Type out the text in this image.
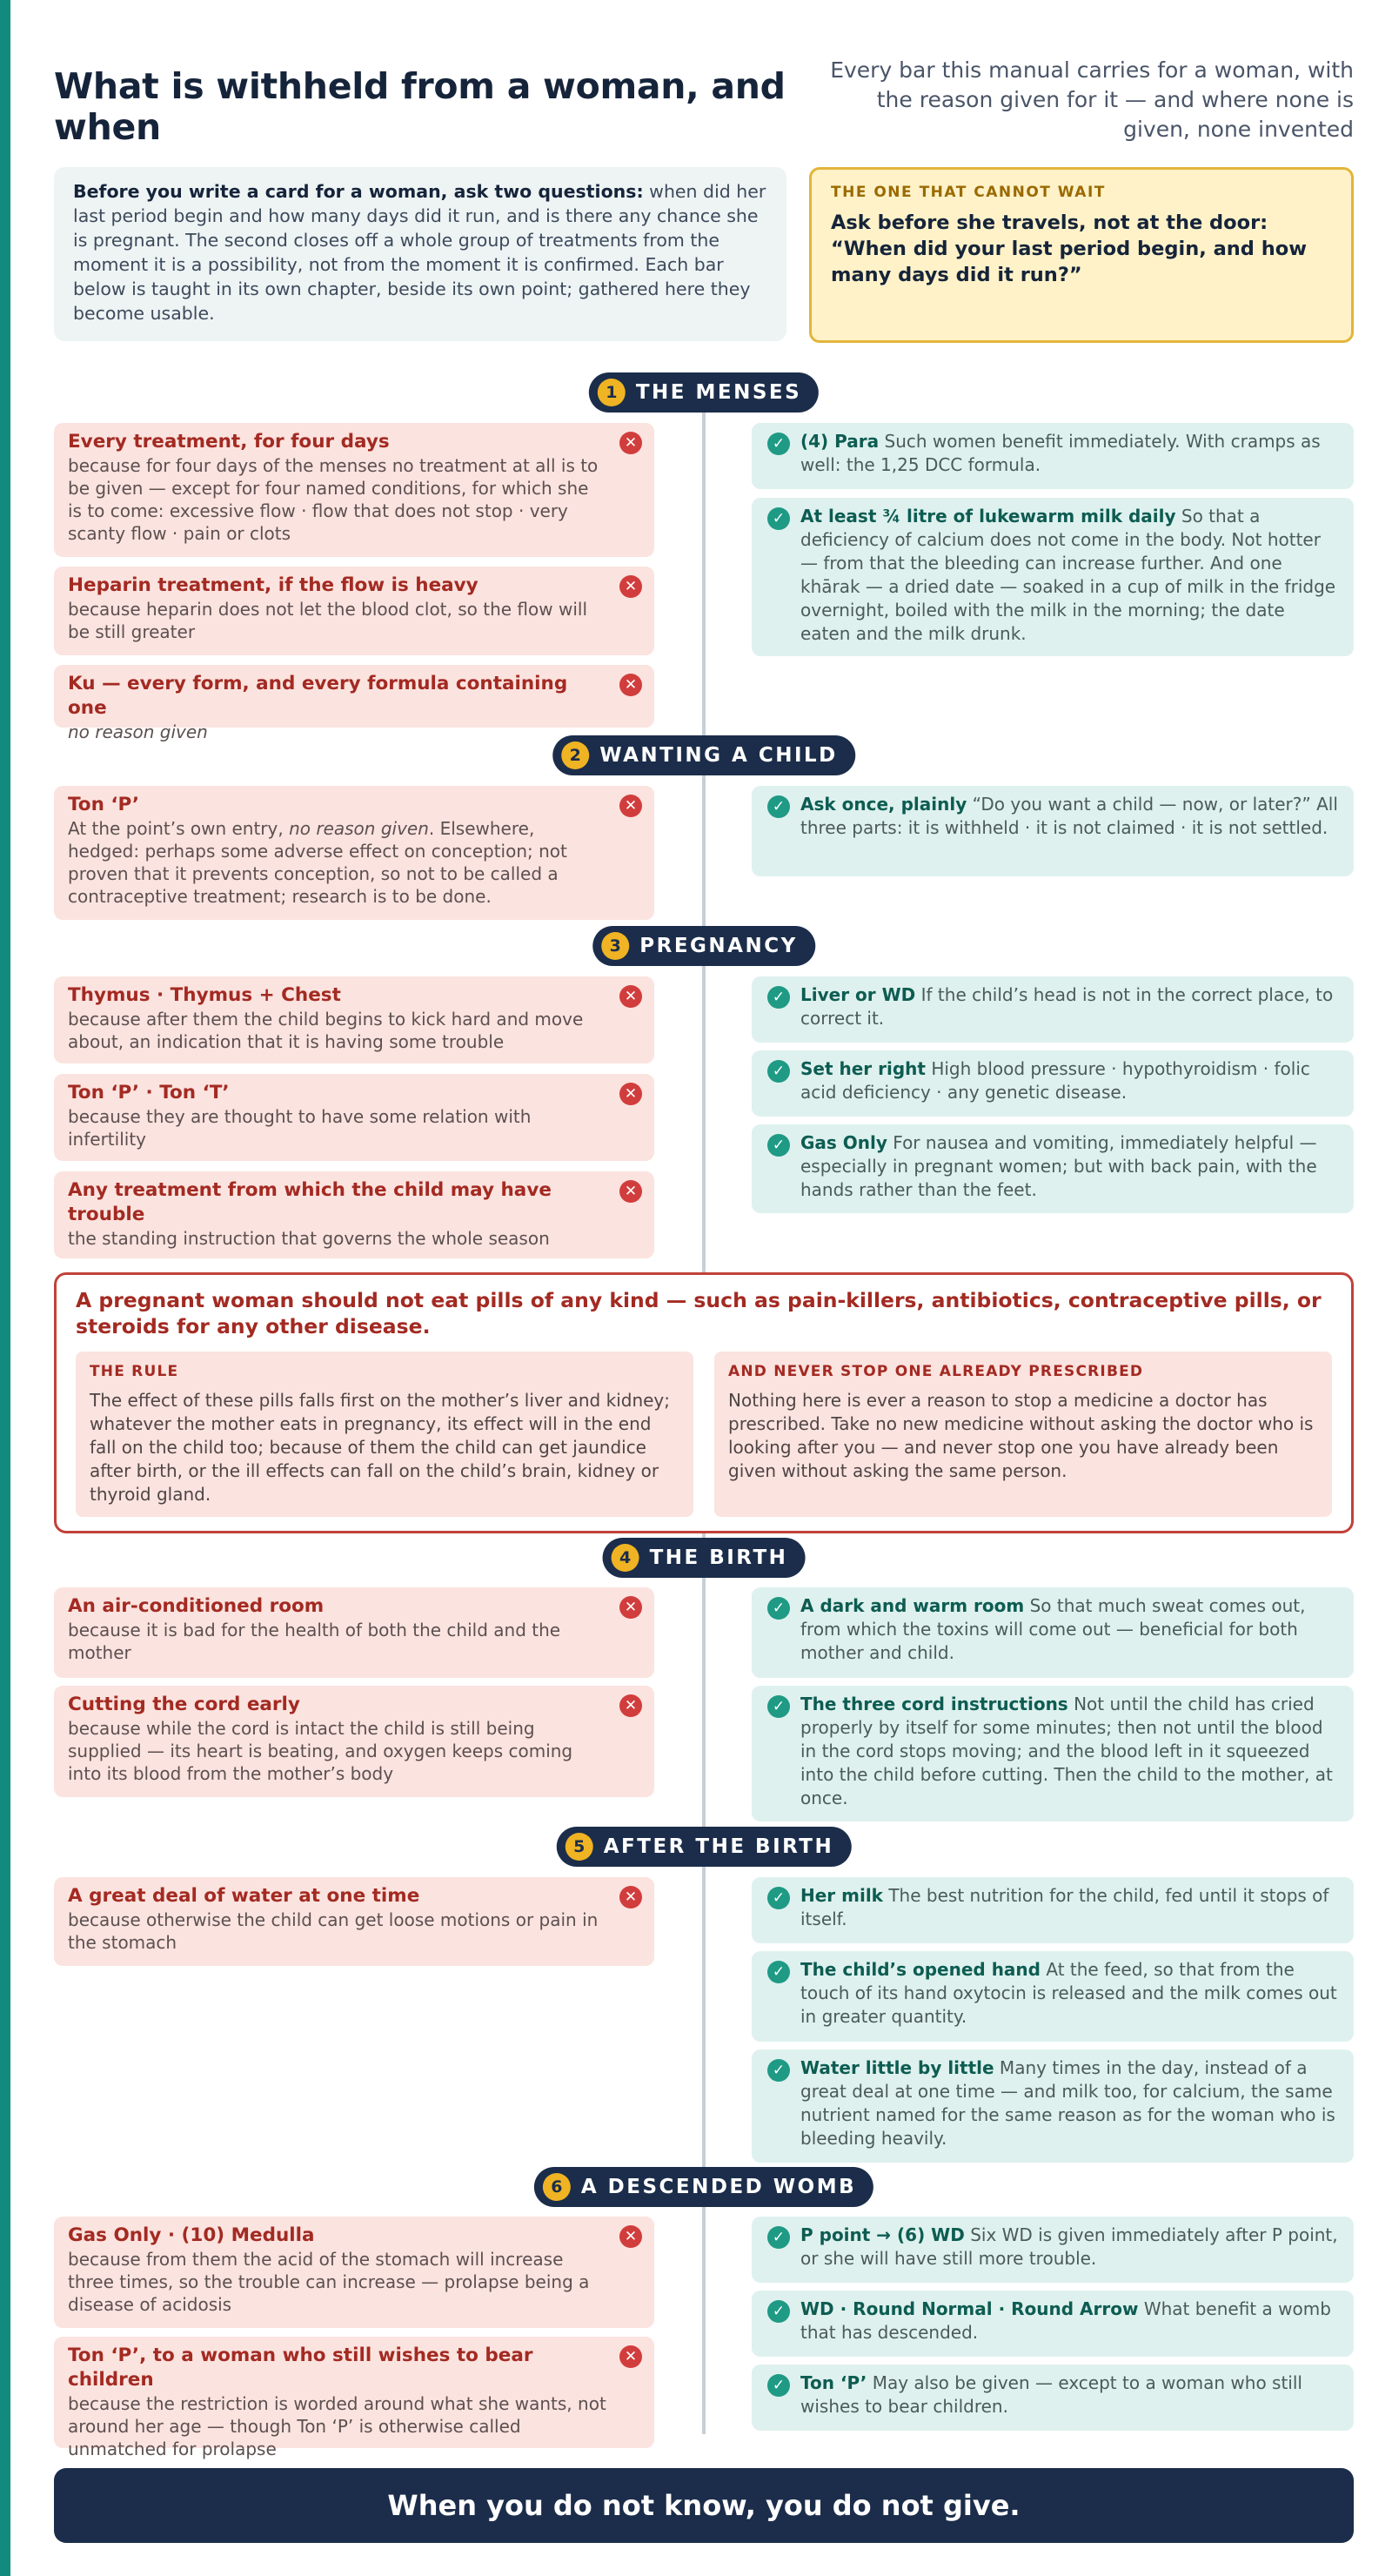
What is withheld from a woman, and when
Every bar this manual carries for a woman, with the reason given for it — and where none is given, none invented
Before you write a card for a woman, ask two questions: when did her last period begin and how many days did it run, and is there any chance she is pregnant. The second closes off a whole group of treatments from the moment it is a possibility, not from the moment it is confirmed. Each bar below is taught in its own chapter, beside its own point; gathered here they become usable.
THE ONE THAT CANNOT WAIT
Ask before she travels, not at the door: “When did your last period begin, and how many days did it run?”
1 THE MENSES
Every treatment, for four days
because for four days of the menses no treatment at all is to be given — except for four named conditions, for which she is to come: excessive flow · flow that does not stop · very scanty flow · pain or clots
✕
Heparin treatment, if the flow is heavy
because heparin does not let the blood clot, so the flow will be still greater
✕
Ku — every form, and every formula containing one
no reason given
✕
(4) Para Such women benefit immediately. With cramps as well: the 1,25 DCC formula.
✓
At least ¾ litre of lukewarm milk daily So that a deficiency of calcium does not come in the body. Not hotter — from that the bleeding can increase further. And one khārak — a dried date — soaked in a cup of milk in the fridge overnight, boiled with the milk in the morning; the date eaten and the milk drunk.
✓
2 WANTING A CHILD
Ton ‘P’
At the point’s own entry, no reason given. Elsewhere, hedged: perhaps some adverse effect on conception; not proven that it prevents conception, so not to be called a contraceptive treatment; research is to be done.
✕	Ask once, plainly “Do you want a child — now, or later?” All three parts: it is withheld · it is not claimed · it is not settled.
✓
3 PREGNANCY
Thymus · Thymus + Chest
because after them the child begins to kick hard and move about, an indication that it is having some trouble
✕
Ton ‘P’ · Ton ‘T’
because they are thought to have some relation with infertility
✕
Any treatment from which the child may have trouble
the standing instruction that governs the whole season
✕
Liver or WD If the child’s head is not in the correct place, to correct it.
✓
Set her right High blood pressure · hypothyroidism · folic acid deficiency · any genetic disease.
✓
Gas Only For nausea and vomiting, immediately helpful — especially in pregnant women; but with back pain, with the hands rather than the feet.
✓
A pregnant woman should not eat pills of any kind — such as pain-killers, antibiotics, contraceptive pills, or steroids for any other disease.
THE RULE
The effect of these pills falls first on the mother’s liver and kidney; whatever the mother eats in pregnancy, its effect will in the end fall on the child too; because of them the child can get jaundice after birth, or the ill effects can fall on the child’s brain, kidney or thyroid gland.
AND NEVER STOP ONE ALREADY PRESCRIBED
Nothing here is ever a reason to stop a medicine a doctor has prescribed. Take no new medicine without asking the doctor who is looking after you — and never stop one you have already been given without asking the same person.
4 THE BIRTH
An air-conditioned room
because it is bad for the health of both the child and the mother
✕
Cutting the cord early
because while the cord is intact the child is still being supplied — its heart is beating, and oxygen keeps coming into its blood from the mother’s body
✕
A dark and warm room So that much sweat comes out, from which the toxins will come out — beneficial for both mother and child.
✓
The three cord instructions Not until the child has cried properly by itself for some minutes; then not until the blood in the cord stops moving; and the blood left in it squeezed into the child before cutting. Then the child to the mother, at once.
✓
5 AFTER THE BIRTH
A great deal of water at one time
because otherwise the child can get loose motions or pain in the stomach
✕	Her milk The best nutrition for the child, fed until it stops of itself.
✓
The child’s opened hand At the feed, so that from the touch of its hand oxytocin is released and the milk comes out in greater quantity.
✓
Water little by little Many times in the day, instead of a great deal at one time — and milk too, for calcium, the same nutrient named for the same reason as for the woman who is bleeding heavily.
✓
6 A DESCENDED WOMB
Gas Only · (10) Medulla
because from them the acid of the stomach will increase three times, so the trouble can increase — prolapse being a disease of acidosis
✕
Ton ‘P’, to a woman who still wishes to bear children
because the restriction is worded around what she wants, not around her age — though Ton ‘P’ is otherwise called unmatched for prolapse
✕
P point → (6) WD Six WD is given immediately after P point, or she will have still more trouble.
✓
WD · Round Normal · Round Arrow What benefit a womb that has descended.
✓
Ton ‘P’ May also be given — except to a woman who still wishes to bear children.
✓
When you do not know, you do not give.
